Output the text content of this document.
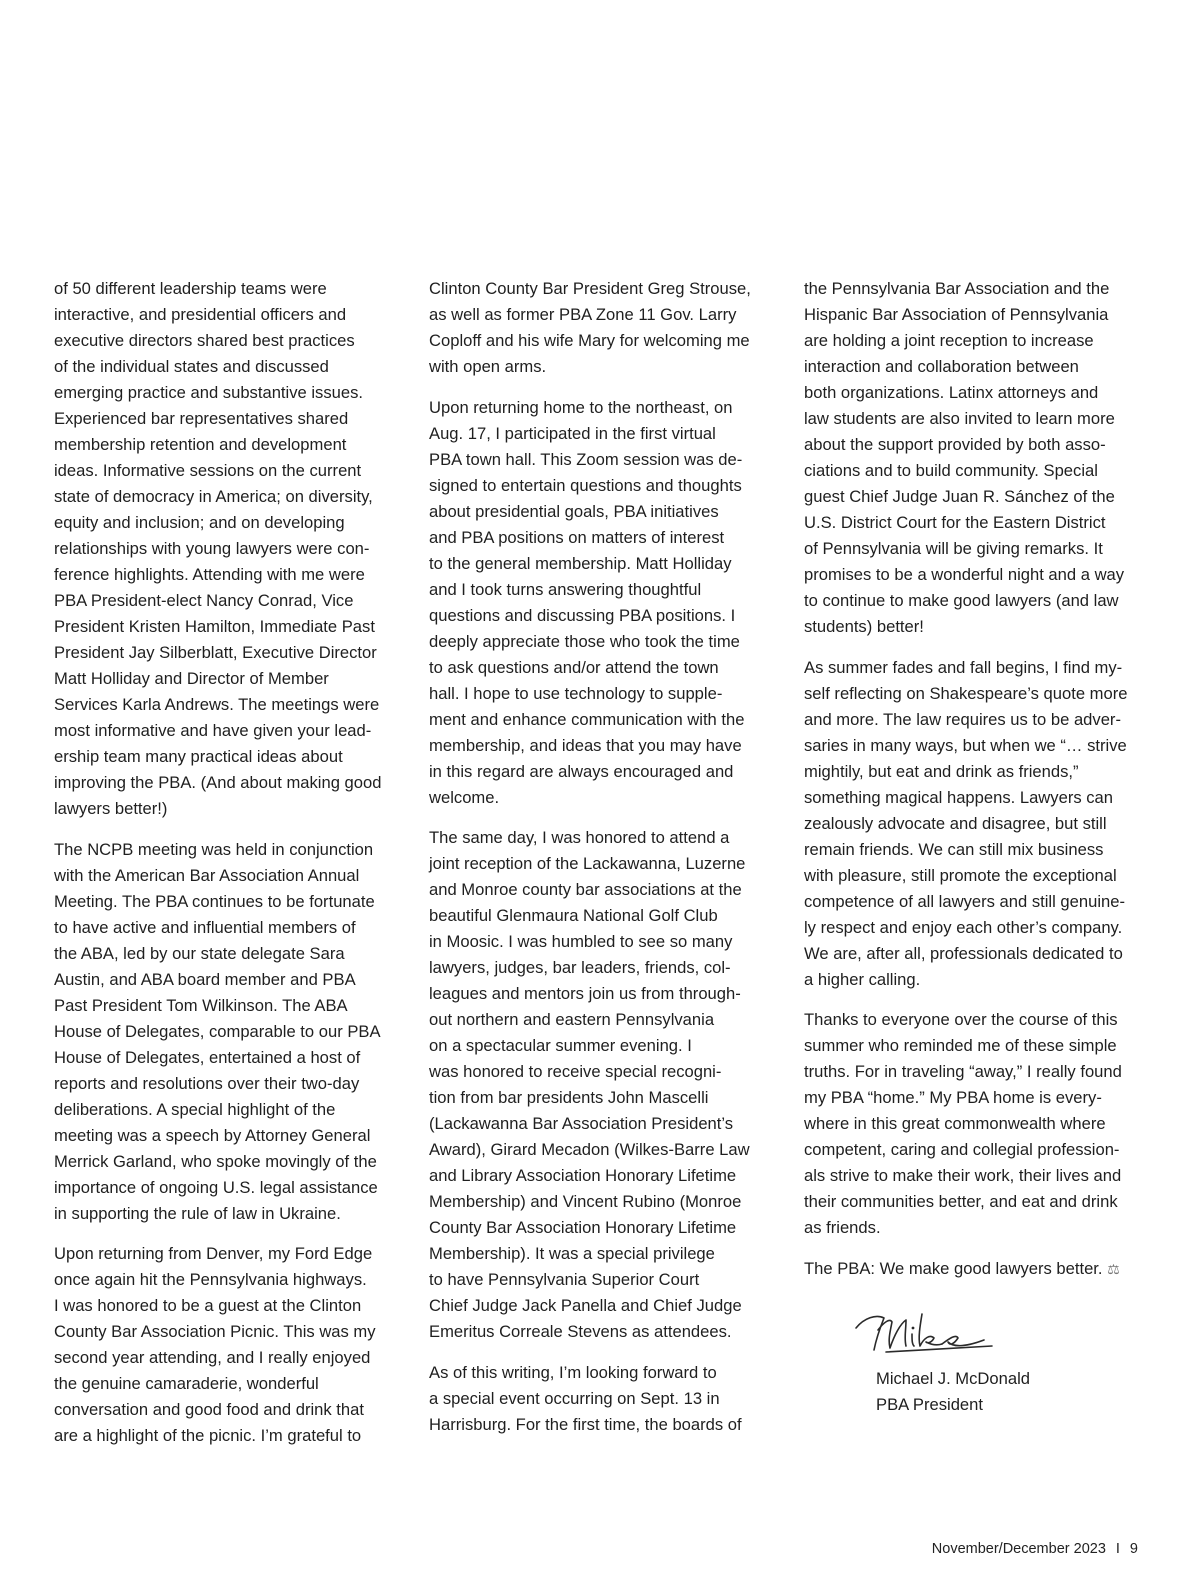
of 50 different leadership teams were
interactive, and presidential officers and
executive directors shared best practices
of the individual states and discussed
emerging practice and substantive issues.
Experienced bar representatives shared
membership retention and development
ideas. Informative sessions on the current
state of democracy in America; on diversity,
equity and inclusion; and on developing
relationships with young lawyers were con-
ference highlights. Attending with me were
PBA President-elect Nancy Conrad, Vice
President Kristen Hamilton, Immediate Past
President Jay Silberblatt, Executive Director
Matt Holliday and Director of Member
Services Karla Andrews. The meetings were
most informative and have given your lead-
ership team many practical ideas about
improving the PBA. (And about making good
lawyers better!)

The NCPB meeting was held in conjunction
with the American Bar Association Annual
Meeting. The PBA continues to be fortunate
to have active and influential members of
the ABA, led by our state delegate Sara
Austin, and ABA board member and PBA
Past President Tom Wilkinson. The ABA
House of Delegates, comparable to our PBA
House of Delegates, entertained a host of
reports and resolutions over their two-day
deliberations. A special highlight of the
meeting was a speech by Attorney General
Merrick Garland, who spoke movingly of the
importance of ongoing U.S. legal assistance
in supporting the rule of law in Ukraine.

Upon returning from Denver, my Ford Edge
once again hit the Pennsylvania highways.
I was honored to be a guest at the Clinton
County Bar Association Picnic. This was my
second year attending, and I really enjoyed
the genuine camaraderie, wonderful
conversation and good food and drink that
are a highlight of the picnic. I’m grateful to

Clinton County Bar President Greg Strouse,
as well as former PBA Zone 11 Gov. Larry
Coploff and his wife Mary for welcoming me
with open arms.

Upon returning home to the northeast, on
Aug. 17, I participated in the first virtual
PBA town hall. This Zoom session was de-
signed to entertain questions and thoughts
about presidential goals, PBA initiatives
and PBA positions on matters of interest
to the general membership. Matt Holliday
and I took turns answering thoughtful
questions and discussing PBA positions. I
deeply appreciate those who took the time
to ask questions and/or attend the town
hall. I hope to use technology to supple-
ment and enhance communication with the
membership, and ideas that you may have
in this regard are always encouraged and
welcome.

The same day, I was honored to attend a
joint reception of the Lackawanna, Luzerne
and Monroe county bar associations at the
beautiful Glenmaura National Golf Club
in Moosic. I was humbled to see so many
lawyers, judges, bar leaders, friends, col-
leagues and mentors join us from through-
out northern and eastern Pennsylvania
on a spectacular summer evening. I
was honored to receive special recogni-
tion from bar presidents John Mascelli
(Lackawanna Bar Association President’s
Award), Girard Mecadon (Wilkes-Barre Law
and Library Association Honorary Lifetime
Membership) and Vincent Rubino (Monroe
County Bar Association Honorary Lifetime
Membership). It was a special privilege
to have Pennsylvania Superior Court
Chief Judge Jack Panella and Chief Judge
Emeritus Correale Stevens as attendees.

As of this writing, I’m looking forward to
a special event occurring on Sept. 13 in
Harrisburg. For the first time, the boards of

the Pennsylvania Bar Association and the
Hispanic Bar Association of Pennsylvania
are holding a joint reception to increase
interaction and collaboration between
both organizations. Latinx attorneys and
law students are also invited to learn more
about the support provided by both asso-
ciations and to build community. Special
guest Chief Judge Juan R. Sánchez of the
U.S. District Court for the Eastern District
of Pennsylvania will be giving remarks. It
promises to be a wonderful night and a way
to continue to make good lawyers (and law
students) better!

As summer fades and fall begins, I find my-
self reflecting on Shakespeare’s quote more
and more. The law requires us to be adver-
saries in many ways, but when we “… strive
mightily, but eat and drink as friends,”
something magical happens. Lawyers can
zealously advocate and disagree, but still
remain friends. We can still mix business
with pleasure, still promote the exceptional
competence of all lawyers and still genuine-
ly respect and enjoy each other’s company.
We are, after all, professionals dedicated to
a higher calling.

Thanks to everyone over the course of this
summer who reminded me of these simple
truths. For in traveling “away,” I really found
my PBA “home.” My PBA home is every-
where in this great commonwealth where
competent, caring and collegial profession-
als strive to make their work, their lives and
their communities better, and eat and drink
as friends.

The PBA: We make good lawyers better. ⚖

Michael J. McDonald
PBA President
November/December 2023 I 9
